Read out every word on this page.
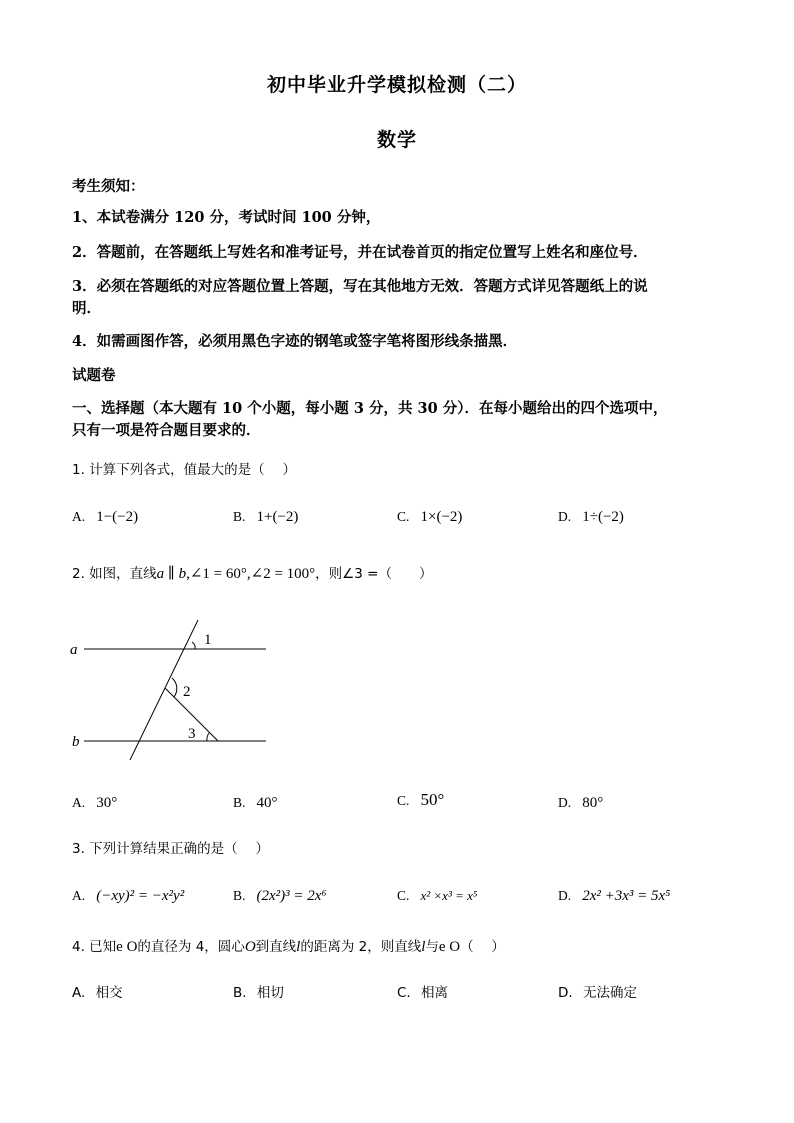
初中毕业升学模拟检测（二）
数学
考生须知：
1、本试卷满分 120 分，考试时间 100 分钟，
2．答题前，在答题纸上写姓名和准考证号，并在试卷首页的指定位置写上姓名和座位号．
3．必须在答题纸的对应答题位置上答题，写在其他地方无效．答题方式详见答题纸上的说
明．
4．如需画图作答，必须用黑色字迹的钢笔或签字笔将图形线条描黑．
试题卷
一、选择题（本大题有 10 个小题，每小题 3 分，共 30 分）．在每小题给出的四个选项中，
只有一项是符合题目要求的．
1. 计算下列各式，值最大的是（　 ）
A. 1−(−2)	B. 1+(−2)	C. 1×(−2)	D. 1÷(−2)
2. 如图，直线a ∥ b,∠1 = 60°,∠2 = 100°，则∠3 =（　　）
a
b
1
2
3
A. 30°	B. 40°	C. 50°	D. 80°
3. 下列计算结果正确的是（　 ）
A. (−xy)² = −x²y²	B. (2x²)³ = 2x⁶	C. x² ×x³ = x⁵	D. 2x² +3x³ = 5x⁵
4. 已知e O的直径为 4，圆心O到直线l的距离为 2，则直线l与e O（　 ）
A. 相交	B. 相切	C. 相离	D. 无法确定
